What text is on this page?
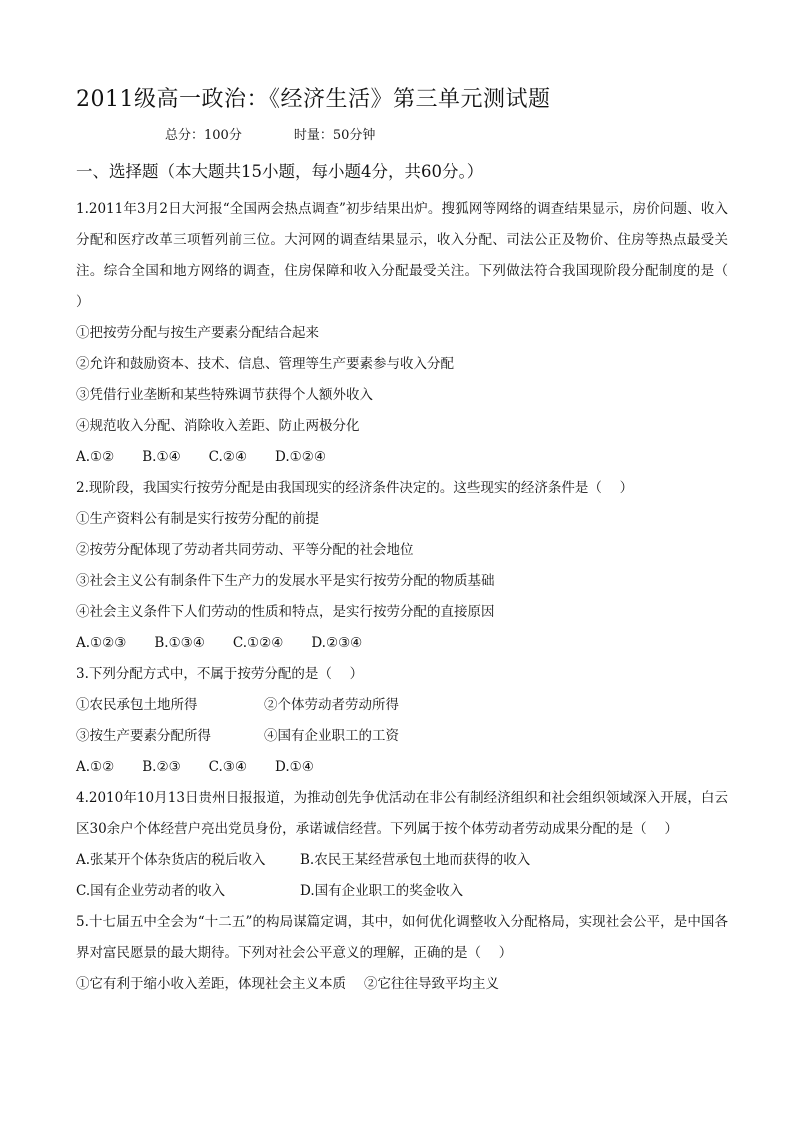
2011级高一政治：《经济生活》第三单元测试题
总分：100分	时量：50分钟
一、选择题（本大题共15小题，每小题4分，共60分。）
1.2011年3月2日大河报“全国两会热点调查”初步结果出炉。搜狐网等网络的调查结果显示，房价问题、收入分配和医疗改革三项暂列前三位。大河网的调查结果显示，收入分配、司法公正及物价、住房等热点最受关注。综合全国和地方网络的调查，住房保障和收入分配最受关注。下列做法符合我国现阶段分配制度的是（　 ）
①把按劳分配与按生产要素分配结合起来
②允许和鼓励资本、技术、信息、管理等生产要素参与收入分配
③凭借行业垄断和某些特殊调节获得个人额外收入
④规范收入分配、消除收入差距、防止两极分化
A.①② B.①④ C.②④ D.①②④
2.现阶段，我国实行按劳分配是由我国现实的经济条件决定的。这些现实的经济条件是（　 ）
①生产资料公有制是实行按劳分配的前提
②按劳分配体现了劳动者共同劳动、平等分配的社会地位
③社会主义公有制条件下生产力的发展水平是实行按劳分配的物质基础
④社会主义条件下人们劳动的性质和特点，是实行按劳分配的直接原因
A.①②③ B.①③④ C.①②④ D.②③④
3.下列分配方式中，不属于按劳分配的是（　 ）
①农民承包土地所得	②个体劳动者劳动所得
③按生产要素分配所得	④国有企业职工的工资
A.①② B.②③ C.③④ D.①④
4.2010年10月13日贵州日报报道，为推动创先争优活动在非公有制经济组织和社会组织领域深入开展，白云区30余户个体经营户亮出党员身份，承诺诚信经营。下列属于按个体劳动者劳动成果分配的是（　 ）
A.张某开个体杂货店的税后收入	B.农民王某经营承包土地而获得的收入
C.国有企业劳动者的收入	D.国有企业职工的奖金收入
5.十七届五中全会为“十二五”的构局谋篇定调，其中，如何优化调整收入分配格局，实现社会公平，是中国各界对富民愿景的最大期待。下列对社会公平意义的理解，正确的是（　 ）
①它有利于缩小收入差距，体现社会主义本质 ②它往往导致平均主义
